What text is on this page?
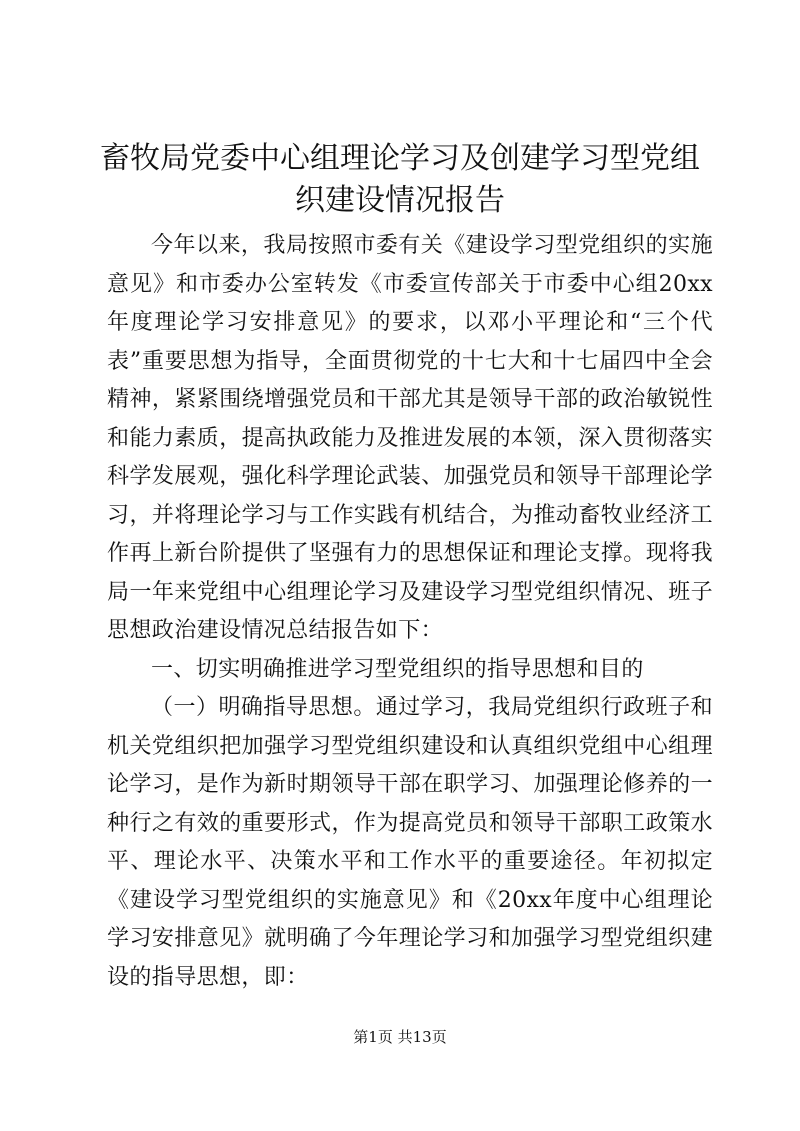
畜牧局党委中心组理论学习及创建学习型党组织建设情况报告

今年以来，我局按照市委有关《建设学习型党组织的实施意见》和市委办公室转发《市委宣传部关于市委中心组20xx年度理论学习安排意见》的要求，以邓小平理论和“三个代表”重要思想为指导，全面贯彻党的十七大和十七届四中全会精神，紧紧围绕增强党员和干部尤其是领导干部的政治敏锐性和能力素质，提高执政能力及推进发展的本领，深入贯彻落实科学发展观，强化科学理论武装、加强党员和领导干部理论学习，并将理论学习与工作实践有机结合，为推动畜牧业经济工作再上新台阶提供了坚强有力的思想保证和理论支撑。现将我局一年来党组中心组理论学习及建设学习型党组织情况、班子思想政治建设情况总结报告如下：

一、切实明确推进学习型党组织的指导思想和目的

（一）明确指导思想。通过学习，我局党组织行政班子和机关党组织把加强学习型党组织建设和认真组织党组中心组理论学习，是作为新时期领导干部在职学习、加强理论修养的一种行之有效的重要形式，作为提高党员和领导干部职工政策水平、理论水平、决策水平和工作水平的重要途径。年初拟定《建设学习型党组织的实施意见》和《20xx年度中心组理论学习安排意见》就明确了今年理论学习和加强学习型党组织建设的指导思想，即：

第1页 共13页
